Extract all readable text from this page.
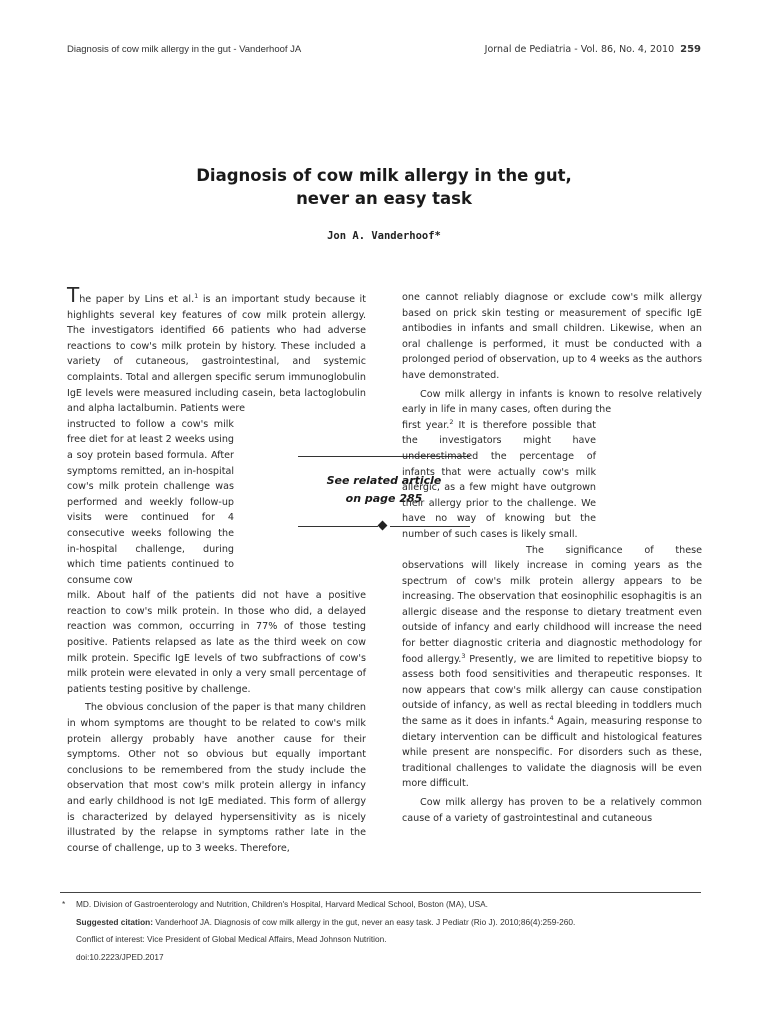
Diagnosis of cow milk allergy in the gut - Vanderhoof JA	Jornal de Pediatria - Vol. 86, No. 4, 2010 259
Diagnosis of cow milk allergy in the gut,
never an easy task
Jon A. Vanderhoof*

The paper by Lins et al.$^1$ is an important study because it highlights several key features of cow milk protein allergy. The investigators identified 66 patients who had adverse reactions to cow's milk protein by history. These included a variety of cutaneous, gastrointestinal, and systemic complaints. Total and allergen specific serum immunoglobulin IgE levels were measured including casein, beta lactoglobulin and alpha lactalbumin. Patients were

instructed to follow a cow's milk free diet for at least 2 weeks using a soy protein based formula. After symptoms remitted, an in-hospital cow's milk protein challenge was performed and weekly follow-up visits were continued for 4 consecutive weeks following the in-hospital challenge, during which time patients continued to consume cow

milk. About half of the patients did not have a positive reaction to cow's milk protein. In those who did, a delayed reaction was common, occurring in 77% of those testing positive. Patients relapsed as late as the third week on cow milk protein. Specific IgE levels of two subfractions of cow's milk protein were elevated in only a very small percentage of patients testing positive by challenge.

The obvious conclusion of the paper is that many children in whom symptoms are thought to be related to cow's milk protein allergy probably have another cause for their symptoms. Other not so obvious but equally important conclusions to be remembered from the study include the observation that most cow's milk protein allergy in infancy and early childhood is not IgE mediated. This form of allergy is characterized by delayed hypersensitivity as is nicely illustrated by the relapse in symptoms rather late in the course of challenge, up to 3 weeks. Therefore,

See related article
on page 285

one cannot reliably diagnose or exclude cow's milk allergy based on prick skin testing or measurement of specific IgE antibodies in infants and small children. Likewise, when an oral challenge is performed, it must be conducted with a prolonged period of observation, up to 4 weeks as the authors have demonstrated.

Cow milk allergy in infants is known to resolve relatively early in life in many cases, often during the

first year.$^2$ It is therefore possible that the investigators might have underestimated the percentage of infants that were actually cow's milk allergic, as a few might have outgrown their allergy prior to the challenge. We have no way of knowing but the number of such cases is likely small.

The significance of these observations will likely increase in coming years as the spectrum of cow's milk protein allergy appears to be increasing. The observation that eosinophilic esophagitis is an allergic disease and the response to dietary treatment even outside of infancy and early childhood will increase the need for better diagnostic criteria and diagnostic methodology for food allergy.$^3$ Presently, we are limited to repetitive biopsy to assess both food sensitivities and therapeutic responses. It now appears that cow's milk allergy can cause constipation outside of infancy, as well as rectal bleeding in toddlers much the same as it does in infants.$^4$ Again, measuring response to dietary intervention can be difficult and histological features while present are nonspecific. For disorders such as these, traditional challenges to validate the diagnosis will be even more difficult.

Cow milk allergy has proven to be a relatively common cause of a variety of gastrointestinal and cutaneous

* MD. Division of Gastroenterology and Nutrition, Children's Hospital, Harvard Medical School, Boston (MA), USA.
Suggested citation: Vanderhoof JA. Diagnosis of cow milk allergy in the gut, never an easy task. J Pediatr (Rio J). 2010;86(4):259-260.
Conflict of interest: Vice President of Global Medical Affairs, Mead Johnson Nutrition.
doi:10.2223/JPED.2017
